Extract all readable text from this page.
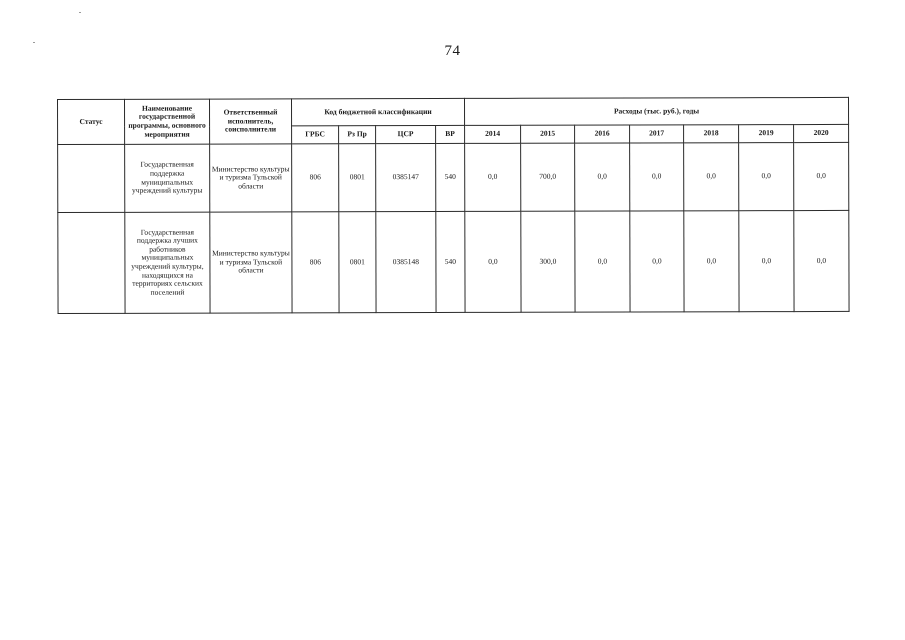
74
Статус	Наименование государственной программы, основного мероприятия	Ответственный исполнитель, соисполнители	Код бюджетной классификации				Расходы (тыс. руб.), годы						
			ГРБС	Рз Пр	ЦСР	ВР	2014	2015	2016	2017	2018	2019	2020
	Государственная поддержка муниципальных учреждений культуры	Министерство культуры и туризма Тульской области	806	0801	0385147	540	0,0	700,0	0,0	0,0	0,0	0,0	0,0
	Государственная поддержка лучших работников муниципальных учреждений культуры, находящихся на территориях сельских поселений	Министерство культуры и туризма Тульской области	806	0801	0385148	540	0,0	300,0	0,0	0,0	0,0	0,0	0,0
